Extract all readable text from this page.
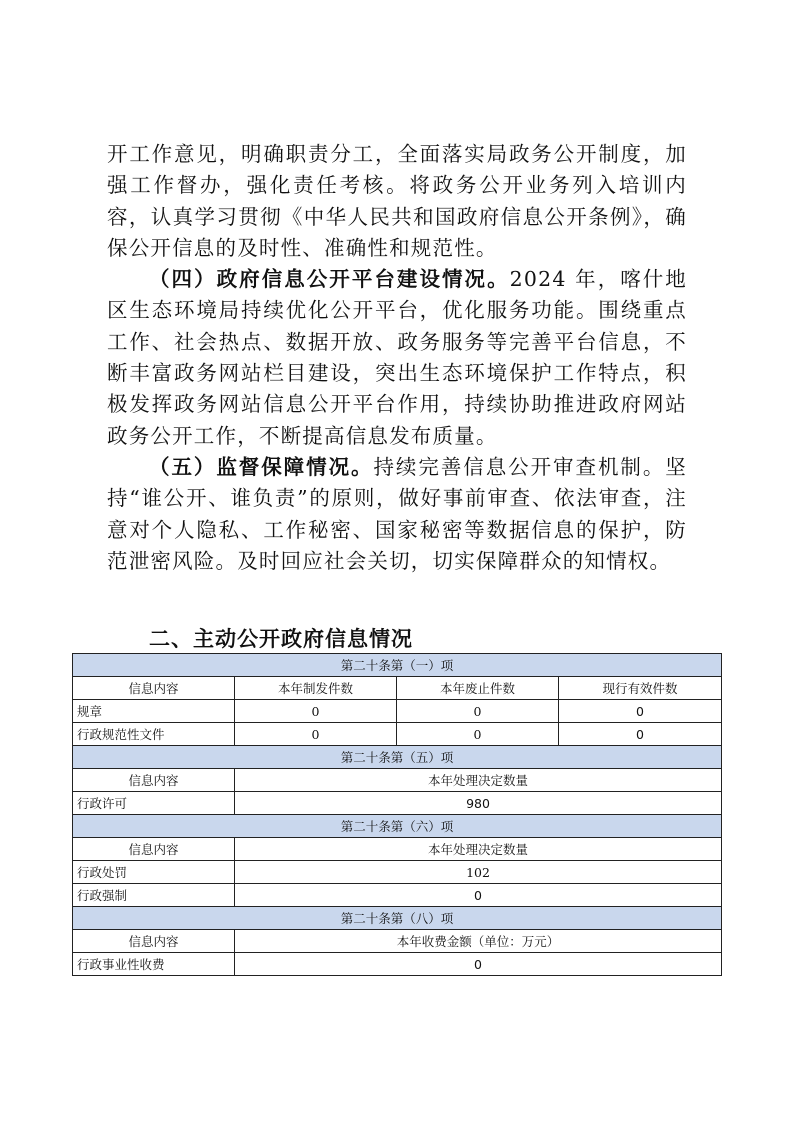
开工作意见，明确职责分工，全面落实局政务公开制度，加强工作督办，强化责任考核。将政务公开业务列入培训内容，认真学习贯彻《中华人民共和国政府信息公开条例》，确保公开信息的及时性、准确性和规范性。

（四）政府信息公开平台建设情况。2024 年，喀什地区生态环境局持续优化公开平台，优化服务功能。围绕重点工作、社会热点、数据开放、政务服务等完善平台信息，不断丰富政务网站栏目建设，突出生态环境保护工作特点，积极发挥政务网站信息公开平台作用，持续协助推进政府网站政务公开工作，不断提高信息发布质量。

（五）监督保障情况。持续完善信息公开审查机制。坚持“谁公开、谁负责”的原则，做好事前审查、依法审查，注意对个人隐私、工作秘密、国家秘密等数据信息的保护，防范泄密风险。及时回应社会关切，切实保障群众的知情权。

二、主动公开政府信息情况
第二十条第（一）项			
信息内容	本年制发件数	本年废止件数	现行有效件数
规章	0	0	0
行政规范性文件	0	0	0
第二十条第（五）项			
信息内容	本年处理决定数量		
行政许可	980		
第二十条第（六）项			
信息内容	本年处理决定数量		
行政处罚	102		
行政强制	0		
第二十条第（八）项			
信息内容	本年收费金额（单位：万元）		
行政事业性收费	0		
